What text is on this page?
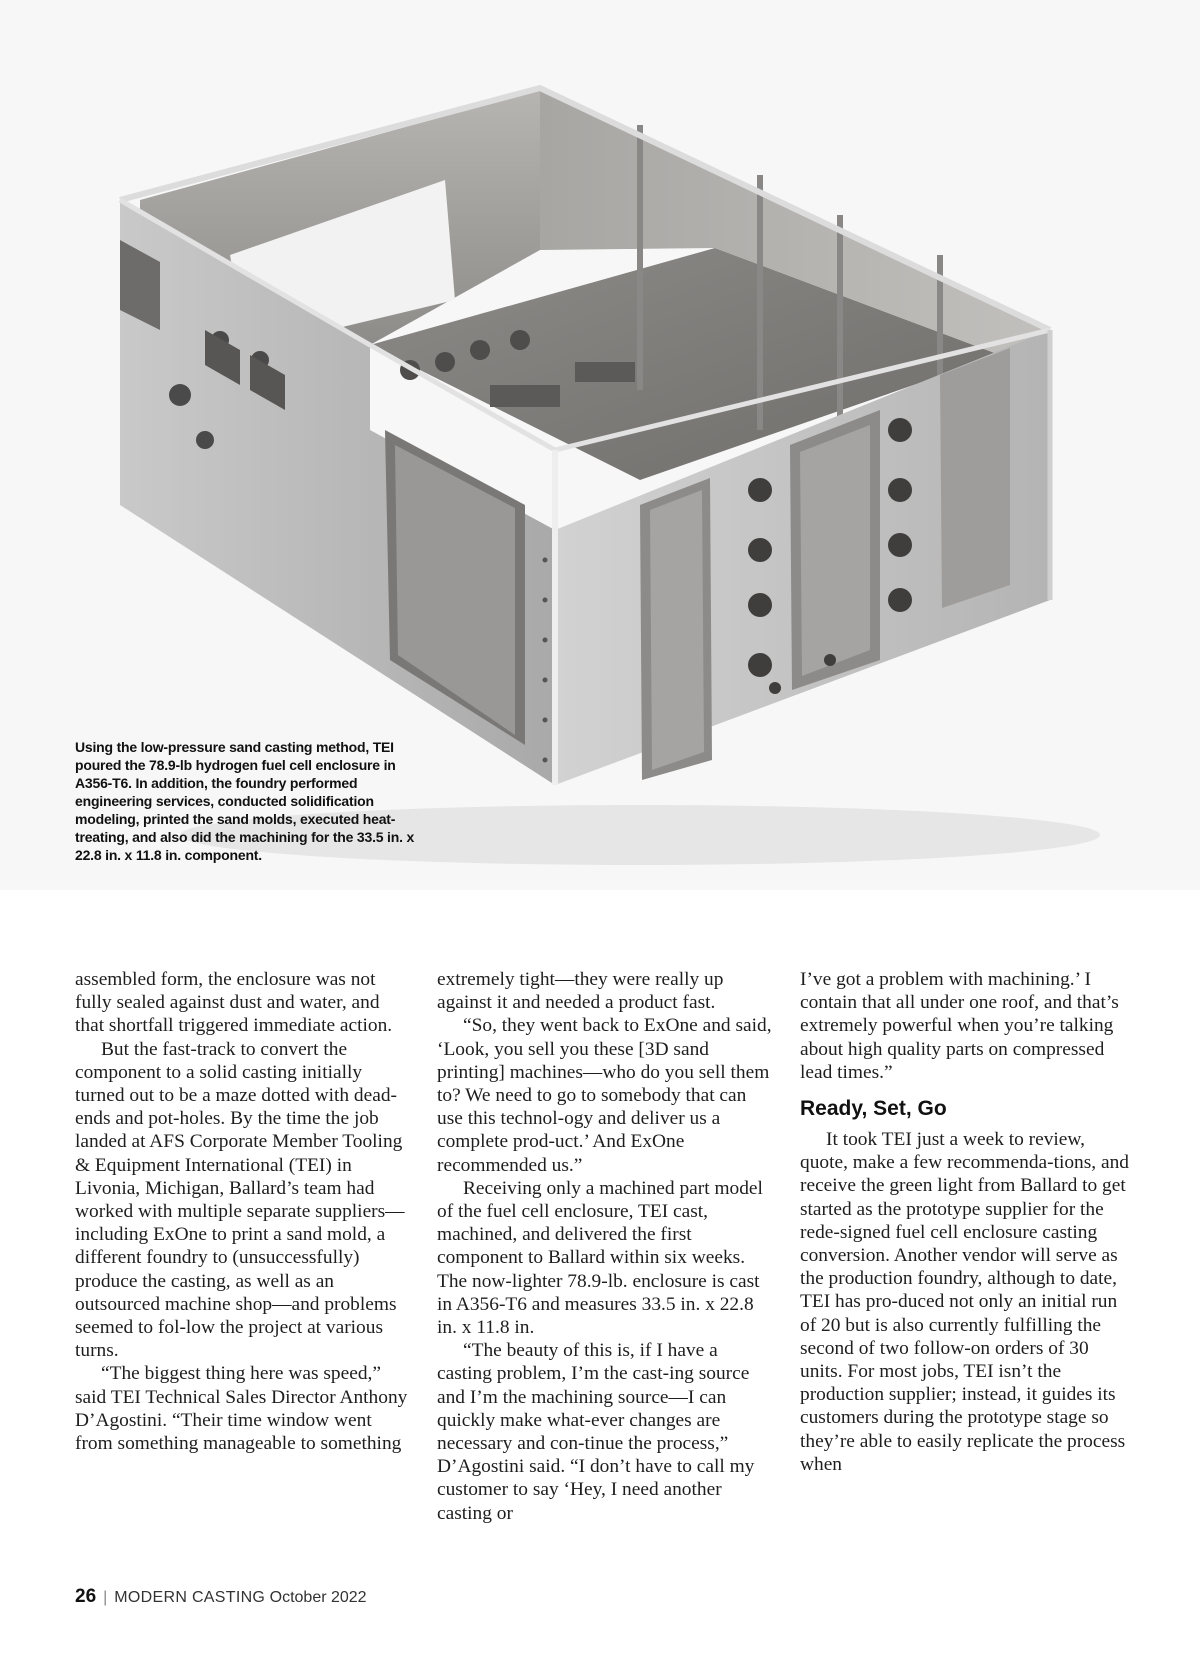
Using the low-pressure sand casting method, TEI poured the 78.9-lb hydrogen fuel cell enclosure in A356-T6. In addition, the foundry performed engineering services, conducted solidification modeling, printed the sand molds, executed heat-treating, and also did the machining for the 33.5 in. x 22.8 in. x 11.8 in. component.

assembled form, the enclosure was not fully sealed against dust and water, and that shortfall triggered immediate action.

But the fast-track to convert the component to a solid casting initially turned out to be a maze dotted with dead-ends and pot-holes. By the time the job landed at AFS Corporate Member Tooling & Equipment International (TEI) in Livonia, Michigan, Ballard’s team had worked with multiple separate suppliers—including ExOne to print a sand mold, a different foundry to (unsuccessfully) produce the casting, as well as an outsourced machine shop—and problems seemed to fol-low the project at various turns.

“The biggest thing here was speed,” said TEI Technical Sales Director Anthony D’Agostini. “Their time window went from something manageable to something

extremely tight—they were really up against it and needed a product fast.

“So, they went back to ExOne and said, ‘Look, you sell you these [3D sand printing] machines—who do you sell them to? We need to go to somebody that can use this technol-ogy and deliver us a complete prod-uct.’ And ExOne recommended us.”

Receiving only a machined part model of the fuel cell enclosure, TEI cast, machined, and delivered the first component to Ballard within six weeks. The now-lighter 78.9-lb. enclosure is cast in A356-T6 and measures 33.5 in. x 22.8 in. x 11.8 in.

“The beauty of this is, if I have a casting problem, I’m the cast-ing source and I’m the machining source—I can quickly make what-ever changes are necessary and con-tinue the process,” D’Agostini said. “I don’t have to call my customer to say ‘Hey, I need another casting or

I’ve got a problem with machining.’ I contain that all under one roof, and that’s extremely powerful when you’re talking about high quality parts on compressed lead times.”

Ready, Set, Go

It took TEI just a week to review, quote, make a few recommenda-tions, and receive the green light from Ballard to get started as the prototype supplier for the rede-signed fuel cell enclosure casting conversion. Another vendor will serve as the production foundry, although to date, TEI has pro-duced not only an initial run of 20 but is also currently fulfilling the second of two follow-on orders of 30 units. For most jobs, TEI isn’t the production supplier; instead, it guides its customers during the prototype stage so they’re able to easily replicate the process when

26 | MODERN CASTING October 2022
